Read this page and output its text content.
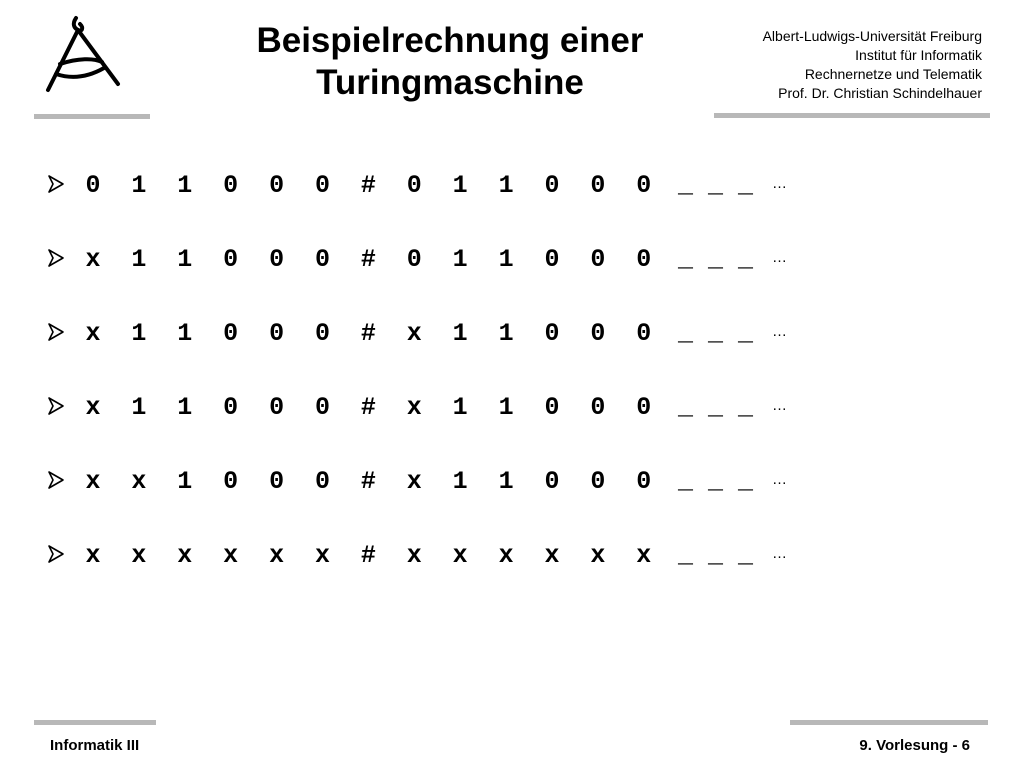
Beispielrechnung einer
Turingmaschine
Albert-Ludwigs-Universität Freiburg
Institut für Informatik
Rechnernetze und Telematik
Prof. Dr. Christian Schindelhauer
0	1	1	0	0	0	#	0	1	1	0	0	0	_ _ _ …
x	1	1	0	0	0	#	0	1	1	0	0	0	_ _ _ …
x	1	1	0	0	0	#	x	1	1	0	0	0	_ _ _ …
x	1	1	0	0	0	#	x	1	1	0	0	0	_ _ _ …
x	x	1	0	0	0	#	x	1	1	0	0	0	_ _ _ …
x	x	x	x	x	x	#	x	x	x	x	x	x	_ _ _ …
Informatik III	9. Vorlesung - 6
